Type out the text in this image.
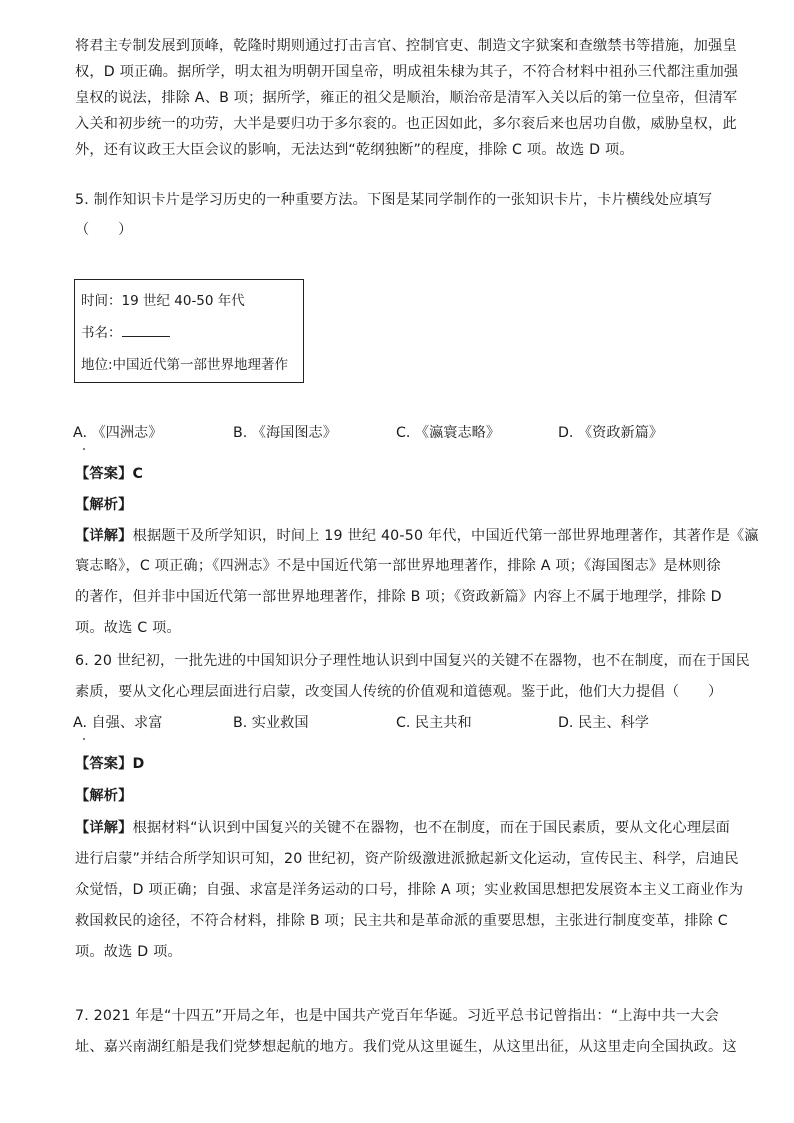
将君主专制发展到顶峰，乾隆时期则通过打击言官、控制官吏、制造文字狱案和查缴禁书等措施，加强皇
权，D 项正确。据所学，明太祖为明朝开国皇帝，明成祖朱棣为其子，不符合材料中祖孙三代都注重加强
皇权的说法，排除 A、B 项；据所学，雍正的祖父是顺治，顺治帝是清军入关以后的第一位皇帝，但清军
入关和初步统一的功劳，大半是要归功于多尔衮的。也正因如此，多尔衮后来也居功自傲，威胁皇权，此
外，还有议政王大臣会议的影响，无法达到“乾纲独断”的程度，排除 C 项。故选 D 项。
5. 制作知识卡片是学习历史的一种重要方法。下图是某同学制作的一张知识卡片，卡片横线处应填写
（　　）
时间：19 世纪 40-50 年代
书名：
地位:中国近代第一部世界地理著作
A. 《四洲志》	B. 《海国图志》	C. 《瀛寰志略》	D. 《资政新篇》
【答案】C
【解析】
【详解】根据题干及所学知识，时间上 19 世纪 40-50 年代，中国近代第一部世界地理著作，其著作是《瀛
寰志略》，C 项正确；《四洲志》不是中国近代第一部世界地理著作，排除 A 项；《海国图志》是林则徐
的著作，但并非中国近代第一部世界地理著作，排除 B 项；《资政新篇》内容上不属于地理学，排除 D
项。故选 C 项。
6. 20 世纪初，一批先进的中国知识分子理性地认识到中国复兴的关键不在器物，也不在制度，而在于国民
素质，要从文化心理层面进行启蒙，改变国人传统的价值观和道德观。鉴于此，他们大力提倡（　　）
A. 自强、求富	B. 实业救国	C. 民主共和	D. 民主、科学
【答案】D
【解析】
【详解】根据材料“认识到中国复兴的关键不在器物，也不在制度，而在于国民素质，要从文化心理层面
进行启蒙”并结合所学知识可知，20 世纪初，资产阶级激进派掀起新文化运动，宣传民主、科学，启迪民
众觉悟，D 项正确；自强、求富是洋务运动的口号，排除 A 项；实业救国思想把发展资本主义工商业作为
救国救民的途径，不符合材料，排除 B 项；民主共和是革命派的重要思想，主张进行制度变革，排除 C
项。故选 D 项。
7. 2021 年是“十四五”开局之年，也是中国共产党百年华诞。习近平总书记曾指出：“上海中共一大会
址、嘉兴南湖红船是我们党梦想起航的地方。我们党从这里诞生，从这里出征，从这里走向全国执政。这
